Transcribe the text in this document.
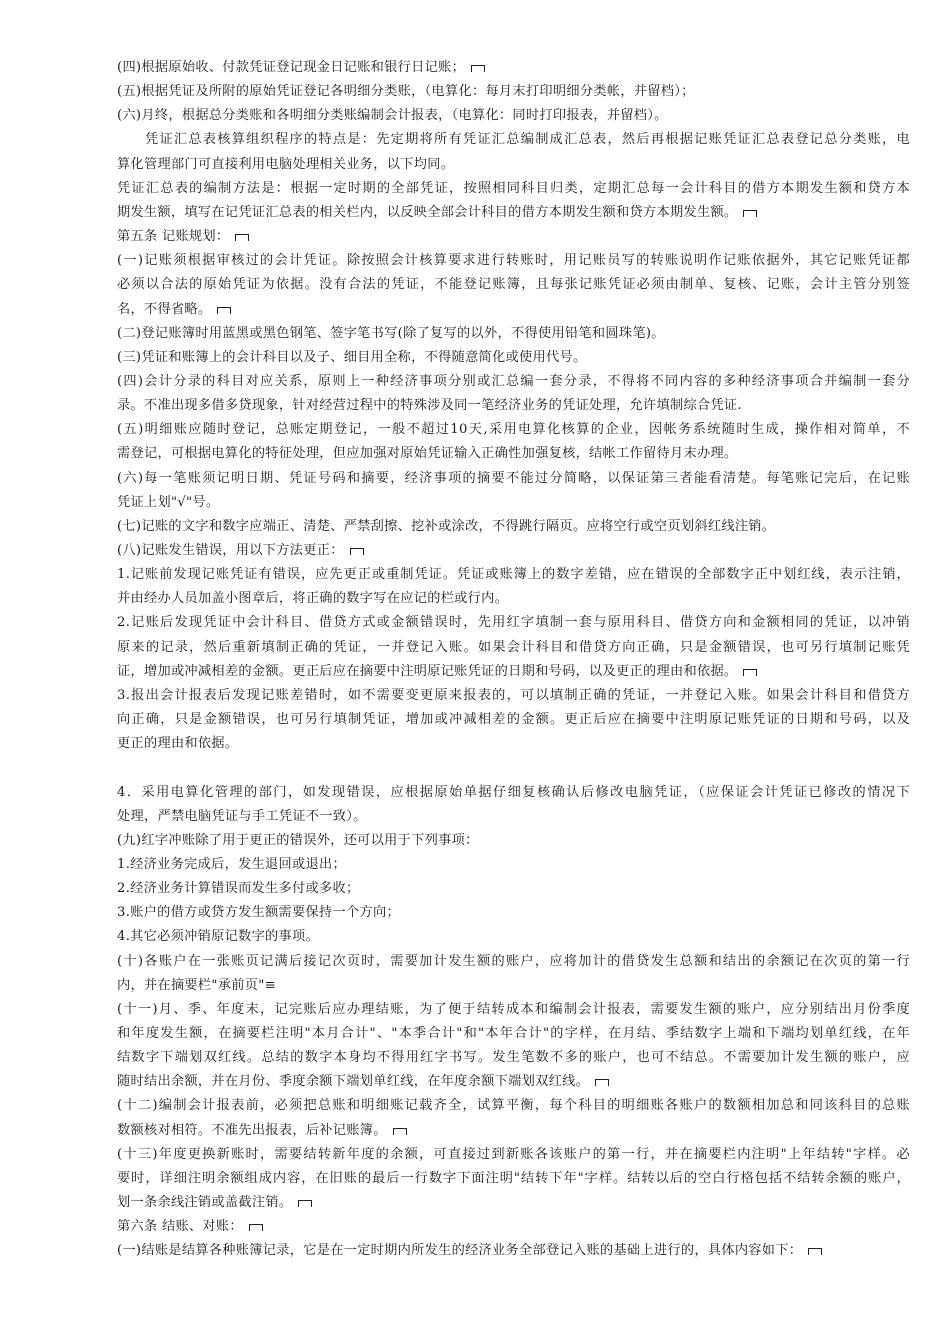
(四)根据原始收、付款凭证登记现金日记账和银行日记账；
(五)根据凭证及所附的原始凭证登记各明细分类账，（电算化：每月末打印明细分类帐，并留档）；
(六)月终，根据总分类账和各明细分类账编制会计报表，（电算化：同时打印报表，并留档）。
凭证汇总表核算组织程序的特点是：先定期将所有凭证汇总编制成汇总表，然后再根据记账凭证汇总表登记总分类账，电
算化管理部门可直接利用电脑处理相关业务，以下均同。
凭证汇总表的编制方法是：根据一定时期的全部凭证，按照相同科目归类，定期汇总每一会计科目的借方本期发生额和贷方本
期发生额，填写在记凭证汇总表的相关栏内，以反映全部会计科目的借方本期发生额和贷方本期发生额。
第五条 记账规划：
(一)记账须根据审核过的会计凭证。除按照会计核算要求进行转账时，用记账员写的转账说明作记账依据外，其它记账凭证都
必须以合法的原始凭证为依据。没有合法的凭证，不能登记账簿，且每张记账凭证必须由制单、复核、记账，会计主管分别签
名，不得省略。
(二)登记账簿时用蓝黑或黑色钢笔、签字笔书写(除了复写的以外，不得使用铅笔和圆珠笔)。
(三)凭证和账簿上的会计科目以及子、细目用全称，不得随意简化或使用代号。
(四)会计分录的科目对应关系，原则上一种经济事项分别或汇总编一套分录，不得将不同内容的多种经济事项合并编制一套分
录。不准出现多借多贷现象，针对经营过程中的特殊涉及同一笔经济业务的凭证处理，允许填制综合凭证.
(五)明细账应随时登记，总账定期登记，一般不超过10天,采用电算化核算的企业，因帐务系统随时生成，操作相对简单，不
需登记，可根据电算化的特征处理，但应加强对原始凭证输入正确性加强复核，结帐工作留待月末办理。
(六)每一笔账须记明日期、凭证号码和摘要，经济事项的摘要不能过分简略，以保证第三者能看清楚。每笔账记完后，在记账
凭证上划"√"号。
(七)记账的文字和数字应端正、清楚、严禁刮擦、挖补或涂改，不得跳行隔页。应将空行或空页划斜红线注销。
(八)记账发生错误，用以下方法更正：
1.记账前发现记账凭证有错误，应先更正或重制凭证。凭证或账簿上的数字差错，应在错误的全部数字正中划红线，表示注销，
并由经办人员加盖小图章后，将正确的数字写在应记的栏或行内。
2.记账后发现凭证中会计科目、借贷方式或金额错误时，先用红字填制一套与原用科目、借贷方向和金额相同的凭证，以冲销
原来的记录，然后重新填制正确的凭证，一并登记入账。如果会计科目和借贷方向正确，只是金额错误，也可另行填制记账凭
证，增加或冲减相差的金额。更正后应在摘要中注明原记账凭证的日期和号码，以及更正的理由和依据。
3.报出会计报表后发现记账差错时，如不需要变更原来报表的，可以填制正确的凭证，一并登记入账。如果会计科目和借贷方
向正确，只是金额错误，也可另行填制凭证，增加或冲减相差的金额。更正后应在摘要中注明原记账凭证的日期和号码，以及
更正的理由和依据。
4．采用电算化管理的部门，如发现错误，应根据原始单据仔细复核确认后修改电脑凭证，（应保证会计凭证已修改的情况下
处理，严禁电脑凭证与手工凭证不一致）。
(九)红字冲账除了用于更正的错误外，还可以用于下列事项：
1.经济业务完成后，发生退回或退出；
2.经济业务计算错误而发生多付或多收；
3.账户的借方或贷方发生额需要保持一个方向；
4.其它必须冲销原记数字的事项。
(十)各账户在一张账页记满后接记次页时，需要加计发生额的账户，应将加计的借贷发生总额和结出的余额记在次页的第一行
内，并在摘要栏"承前页"≡
(十一)月、季、年度末，记完账后应办理结账，为了便于结转成本和编制会计报表，需要发生额的账户，应分别结出月份季度
和年度发生额，在摘要栏注明"本月合计"、"本季合计"和"本年合计"的字样，在月结、季结数字上端和下端均划单红线，在年
结数字下端划双红线。总结的数字本身均不得用红字书写。发生笔数不多的账户，也可不结总。不需要加计发生额的账户，应
随时结出余额，并在月份、季度余额下端划单红线，在年度余额下端划双红线。
(十二)编制会计报表前，必须把总账和明细账记载齐全，试算平衡，每个科目的明细账各账户的数额相加总和同该科目的总账
数额核对相符。不准先出报表，后补记账簿。
(十三)年度更换新账时，需要结转新年度的余额，可直接过到新账各该账户的第一行，并在摘要栏内注明"上年结转"字样。必
要时，详细注明余额组成内容，在旧账的最后一行数字下面注明"结转下年"字样。结转以后的空白行格包括不结转余额的账户，
划一条余线注销或盖截注销。
第六条 结账、对账：
(一)结账是结算各种账簿记录，它是在一定时期内所发生的经济业务全部登记入账的基础上进行的，具体内容如下：
